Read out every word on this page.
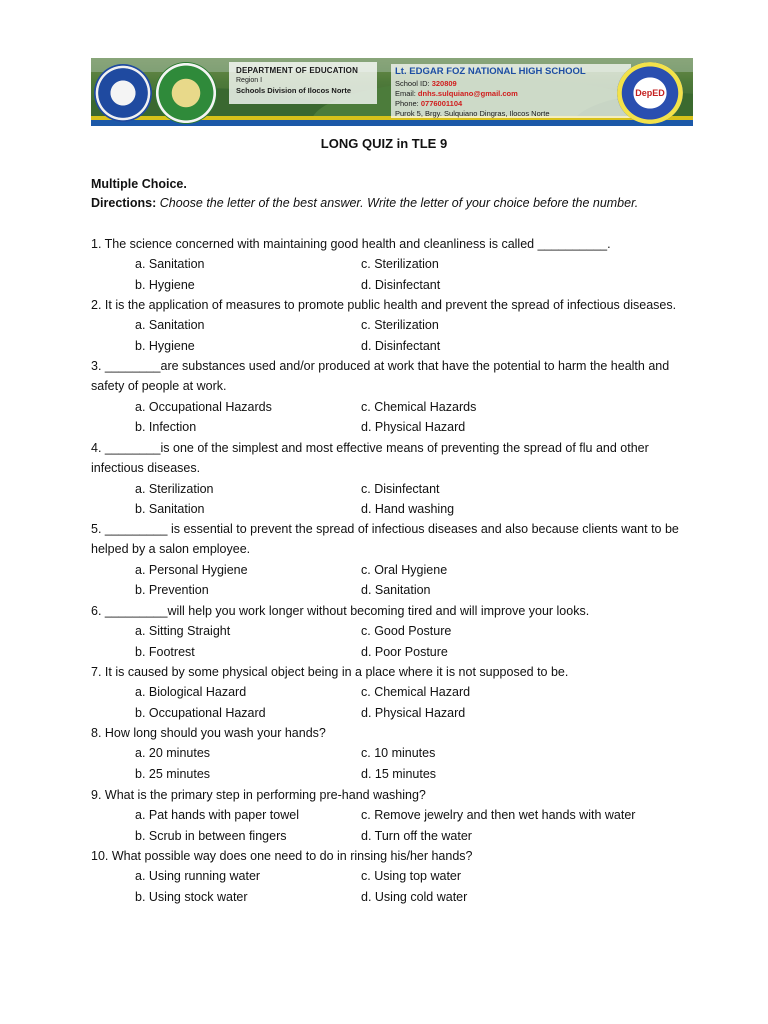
DEPARTMENT OF EDUCATION
Region I
Schools Division of Ilocos Norte
Lt. EDGAR FOZ NATIONAL HIGH SCHOOL
School ID: 320809
Email: dnhs.sulquiano@gmail.com
Phone: 0776001104
Purok 5, Brgy. Sulquiano Dingras, Ilocos Norte
DepED
LONG QUIZ in TLE 9
Multiple Choice.
Directions: Choose the letter of the best answer. Write the letter of your choice before the number.
1. The science concerned with maintaining good health and cleanliness is called __________.
a. Sanitation	c. Sterilization
b. Hygiene	d. Disinfectant
2. It is the application of measures to promote public health and prevent the spread of infectious diseases.
a. Sanitation	c. Sterilization
b. Hygiene	d. Disinfectant
3. ________are substances used and/or produced at work that have the potential to harm the health and
safety of people at work.
a. Occupational Hazards	c. Chemical Hazards
b. Infection	d. Physical Hazard
4. ________is one of the simplest and most effective means of preventing the spread of flu and other
infectious diseases.
a. Sterilization	c. Disinfectant
b. Sanitation	d. Hand washing
5. _________ is essential to prevent the spread of infectious diseases and also because clients want to be
helped by a salon employee.
a. Personal Hygiene	c. Oral Hygiene
b. Prevention	d. Sanitation
6. _________will help you work longer without becoming tired and will improve your looks.
a. Sitting Straight	c. Good Posture
b. Footrest	d. Poor Posture
7. It is caused by some physical object being in a place where it is not supposed to be.
a. Biological Hazard	c. Chemical Hazard
b. Occupational Hazard	d. Physical Hazard
8. How long should you wash your hands?
a. 20 minutes	c. 10 minutes
b. 25 minutes	d. 15 minutes
9. What is the primary step in performing pre-hand washing?
a. Pat hands with paper towel	c. Remove jewelry and then wet hands with water
b. Scrub in between fingers	d. Turn off the water
10. What possible way does one need to do in rinsing his/her hands?
a. Using running water	c. Using top water
b. Using stock water	d. Using cold water
